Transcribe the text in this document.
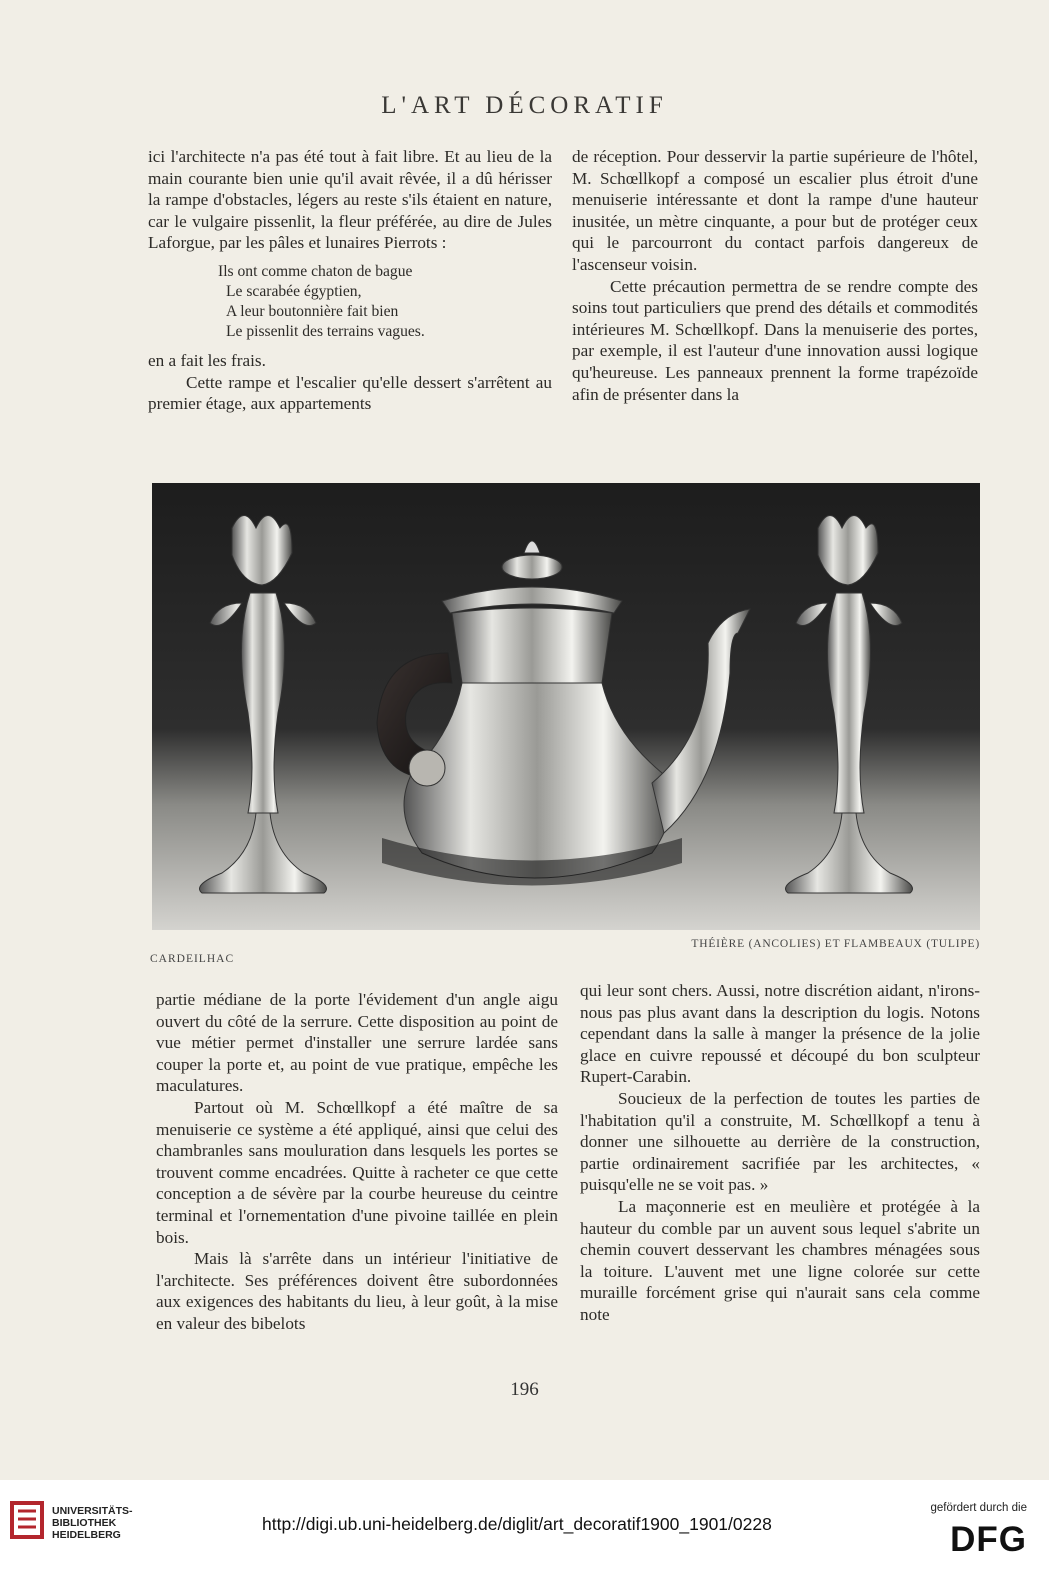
L'ART DÉCORATIF

ici l'architecte n'a pas été tout à fait libre. Et au lieu de la main courante bien unie qu'il avait rêvée, il a dû hérisser la rampe d'obstacles, légers au reste s'ils étaient en nature, car le vulgaire pissenlit, la fleur préférée, au dire de Jules Laforgue, par les pâles et lunaires Pierrots :

Ils ont comme chaton de bague
Le scarabée égyptien,
A leur boutonnière fait bien
Le pissenlit des terrains vagues.

en a fait les frais.

Cette rampe et l'escalier qu'elle dessert s'arrêtent au premier étage, aux appartements

de réception. Pour desservir la partie supérieure de l'hôtel, M. Schœllkopf a composé un escalier plus étroit d'une menuiserie intéressante et dont la rampe d'une hauteur inusitée, un mètre cinquante, a pour but de protéger ceux qui le parcourront du contact parfois dangereux de l'ascenseur voisin.

Cette précaution permettra de se rendre compte des soins tout particuliers que prend des détails et commodités intérieures M. Schœllkopf. Dans la menuiserie des portes, par exemple, il est l'auteur d'une innovation aussi logique qu'heureuse. Les panneaux prennent la forme trapézoïde afin de présenter dans la

CARDEILHAC
THÉIÈRE (ANCOLIES) ET FLAMBEAUX (TULIPE)

partie médiane de la porte l'évidement d'un angle aigu ouvert du côté de la serrure. Cette disposition au point de vue métier permet d'installer une serrure lardée sans couper la porte et, au point de vue pratique, empêche les maculatures.

Partout où M. Schœllkopf a été maître de sa menuiserie ce système a été appliqué, ainsi que celui des chambranles sans mouluration dans lesquels les portes se trouvent comme encadrées. Quitte à racheter ce que cette conception a de sévère par la courbe heureuse du ceintre terminal et l'ornementation d'une pivoine taillée en plein bois.

Mais là s'arrête dans un intérieur l'initiative de l'architecte. Ses préférences doivent être subordonnées aux exigences des habitants du lieu, à leur goût, à la mise en valeur des bibelots

qui leur sont chers. Aussi, notre discrétion aidant, n'irons-nous pas plus avant dans la description du logis. Notons cependant dans la salle à manger la présence de la jolie glace en cuivre repoussé et découpé du bon sculpteur Rupert-Carabin.

Soucieux de la perfection de toutes les parties de l'habitation qu'il a construite, M. Schœllkopf a tenu à donner une silhouette au derrière de la construction, partie ordinairement sacrifiée par les architectes, « puisqu'elle ne se voit pas. »

La maçonnerie est en meulière et protégée à la hauteur du comble par un auvent sous lequel s'abrite un chemin couvert desservant les chambres ménagées sous la toiture. L'auvent met une ligne colorée sur cette muraille forcément grise qui n'aurait sans cela comme note

196
UNIVERSITÄTS-
BIBLIOTHEK
HEIDELBERG
http://digi.ub.uni-heidelberg.de/diglit/art_decoratif1900_1901/0228
gefördert durch die
DFG
